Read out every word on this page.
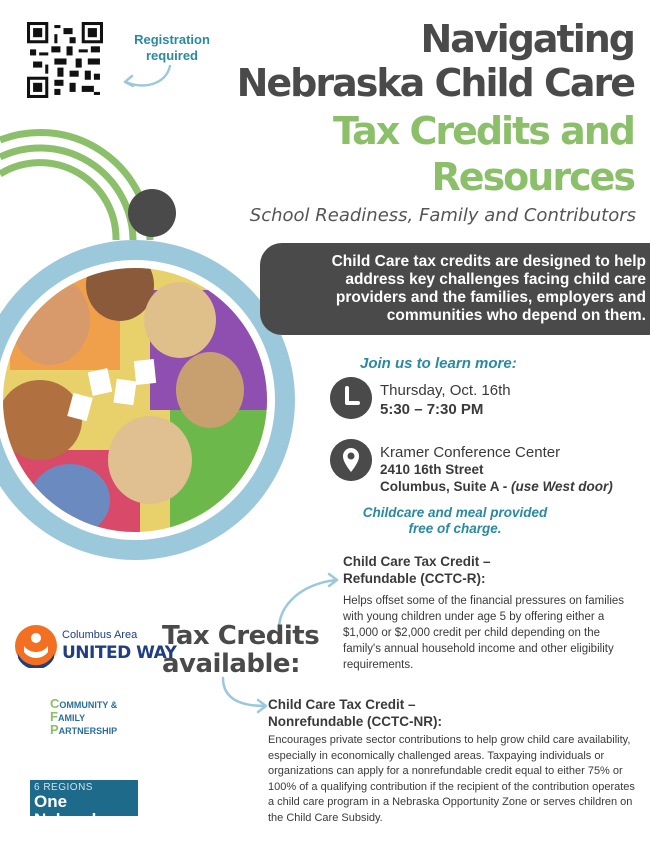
Registration required	Navigating
Nebraska Child Care
Tax Credits and
Resources
School Readiness, Family and Contributors
Child Care tax credits are designed to help
address key challenges facing child care
providers and the families, employers and
communities who depend on them.
Join us to learn more:
Thursday, Oct. 16th
5:30 – 7:30 PM
Kramer Conference Center
2410 16th Street
Columbus, Suite A - (use West door)
Childcare and meal provided
free of charge.
Child Care Tax Credit –
Refundable (CCTC-R):
Helps offset some of the financial pressures on families with young children under age 5 by offering either a $1,000 or $2,000 credit per child depending on the family's annual household income and other eligibility requirements.
Tax Credits
available:
Child Care Tax Credit –
Nonrefundable (CCTC-NR):
Encourages private sector contributions to help grow child care availability, especially in economically challenged areas. Taxpaying individuals or organizations can apply for a nonrefundable credit equal to either 75% or 100% of a qualifying contribution if the recipient of the contribution operates a child care program in a Nebraska Opportunity Zone or serves children on the Child Care Subsidy.
Columbus Area
UNITED WAY
COMMUNITY &
FAMILY
PARTNERSHIP
6 REGIONS
One Nebraska
